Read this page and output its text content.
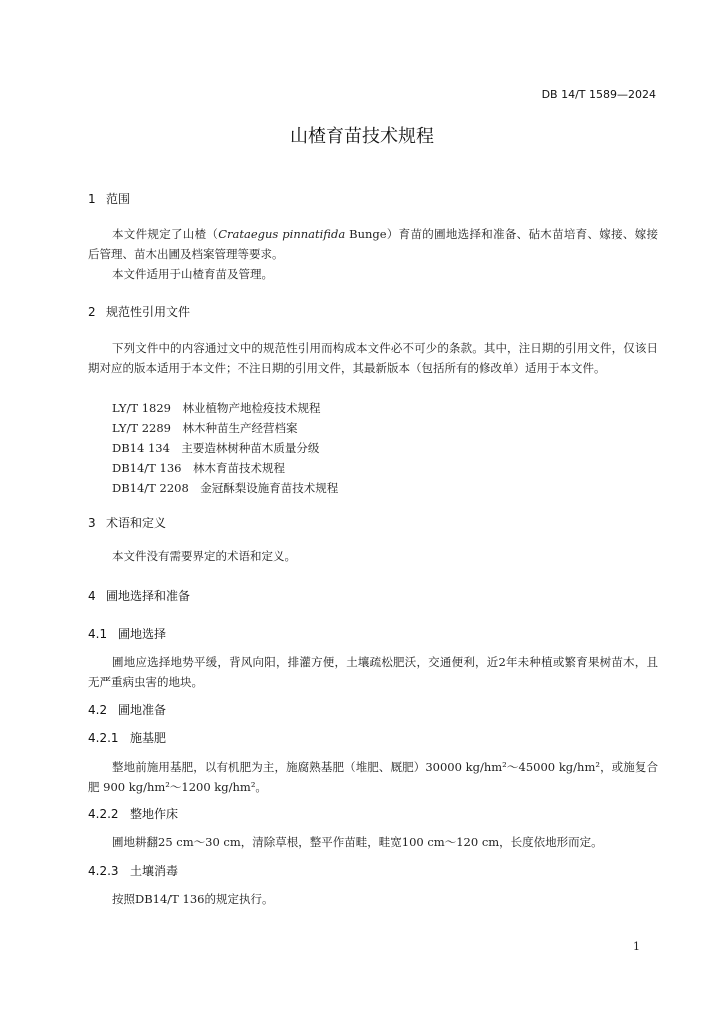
DB 14/T 1589—2024
山楂育苗技术规程
1 范围
本文件规定了山楂（Crataegus pinnatifida Bunge）育苗的圃地选择和准备、砧木苗培育、嫁接、嫁接后管理、苗木出圃及档案管理等要求。
本文件适用于山楂育苗及管理。
2 规范性引用文件
下列文件中的内容通过文中的规范性引用而构成本文件必不可少的条款。其中，注日期的引用文件，仅该日期对应的版本适用于本文件；不注日期的引用文件，其最新版本（包括所有的修改单）适用于本文件。
LY/T 1829　林业植物产地检疫技术规程
LY/T 2289　林木种苗生产经营档案
DB14 134　主要造林树种苗木质量分级
DB14/T 136　林木育苗技术规程
DB14/T 2208　金冠酥梨设施育苗技术规程
3 术语和定义
本文件没有需要界定的术语和定义。
4 圃地选择和准备
4.1 圃地选择
圃地应选择地势平缓，背风向阳，排灌方便，土壤疏松肥沃，交通便利，近2年未种植或繁育果树苗木，且无严重病虫害的地块。
4.2 圃地准备
4.2.1 施基肥
整地前施用基肥，以有机肥为主，施腐熟基肥（堆肥、厩肥）30000 kg/hm²～45000 kg/hm²，或施复合肥 900 kg/hm²～1200 kg/hm²。
4.2.2 整地作床
圃地耕翻25 cm～30 cm，清除草根，整平作苗畦，畦宽100 cm～120 cm，长度依地形而定。
4.2.3 土壤消毒
按照DB14/T 136的规定执行。
1
